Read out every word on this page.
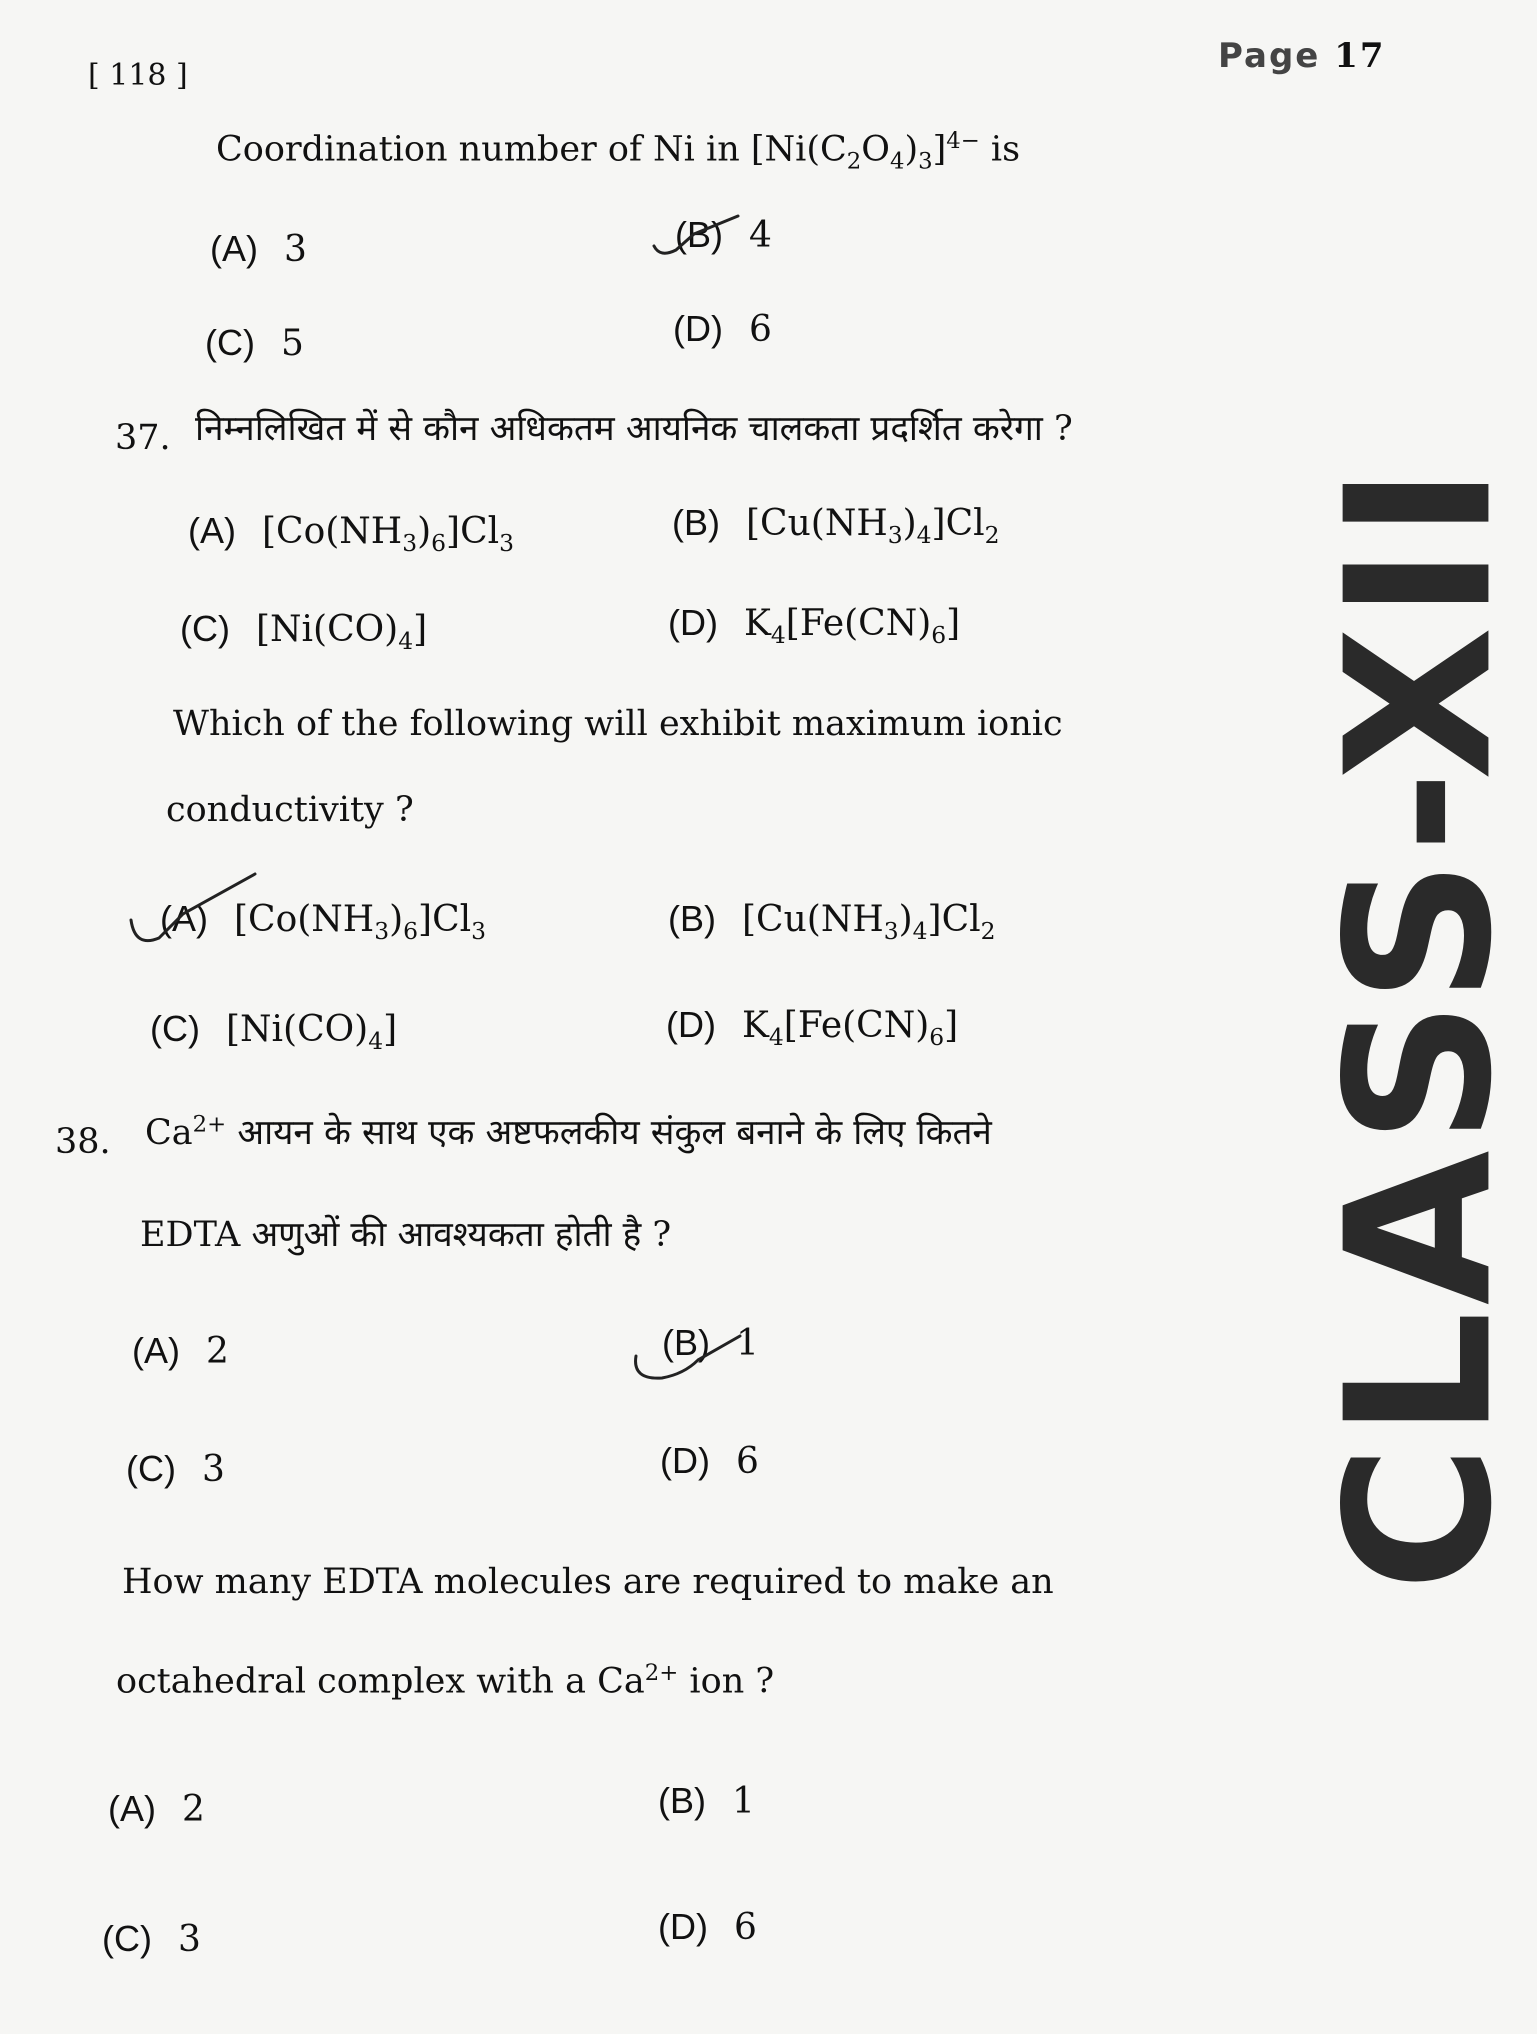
[ 118 ]	Page 17
CLASS-XII
Coordination number of Ni in $[Ni(C_2O_4)_3]^{4-}$ is
(A) 3	(B) 4
(C) 5	(D) 6
37. निम्नलिखित में से कौन अधिकतम आयनिक चालकता प्रदर्शित करेगा ?
(A) $[Co(NH_3)_6]Cl_3$
(B) $[Cu(NH_3)_4]Cl_2$
(C) $[Ni(CO)_4]$	(D) $K_4[Fe(CN)_6]$
Which of the following will exhibit maximum ionic
conductivity ?
(A) $[Co(NH_3)_6]Cl_3$	(B) $[Cu(NH_3)_4]Cl_2$
(C) $[Ni(CO)_4]$	(D) $K_4[Fe(CN)_6]$
38. $Ca^{2+}$ आयन के साथ एक अष्टफलकीय संकुल बनाने के लिए कितने
EDTA अणुओं की आवश्यकता होती है ?
(A) 2	(B) 1
(C) 3	(D) 6
How many EDTA molecules are required to make an
octahedral complex with a $Ca^{2+}$ ion ?
(A) 2	(B) 1
(C) 3	(D) 6
